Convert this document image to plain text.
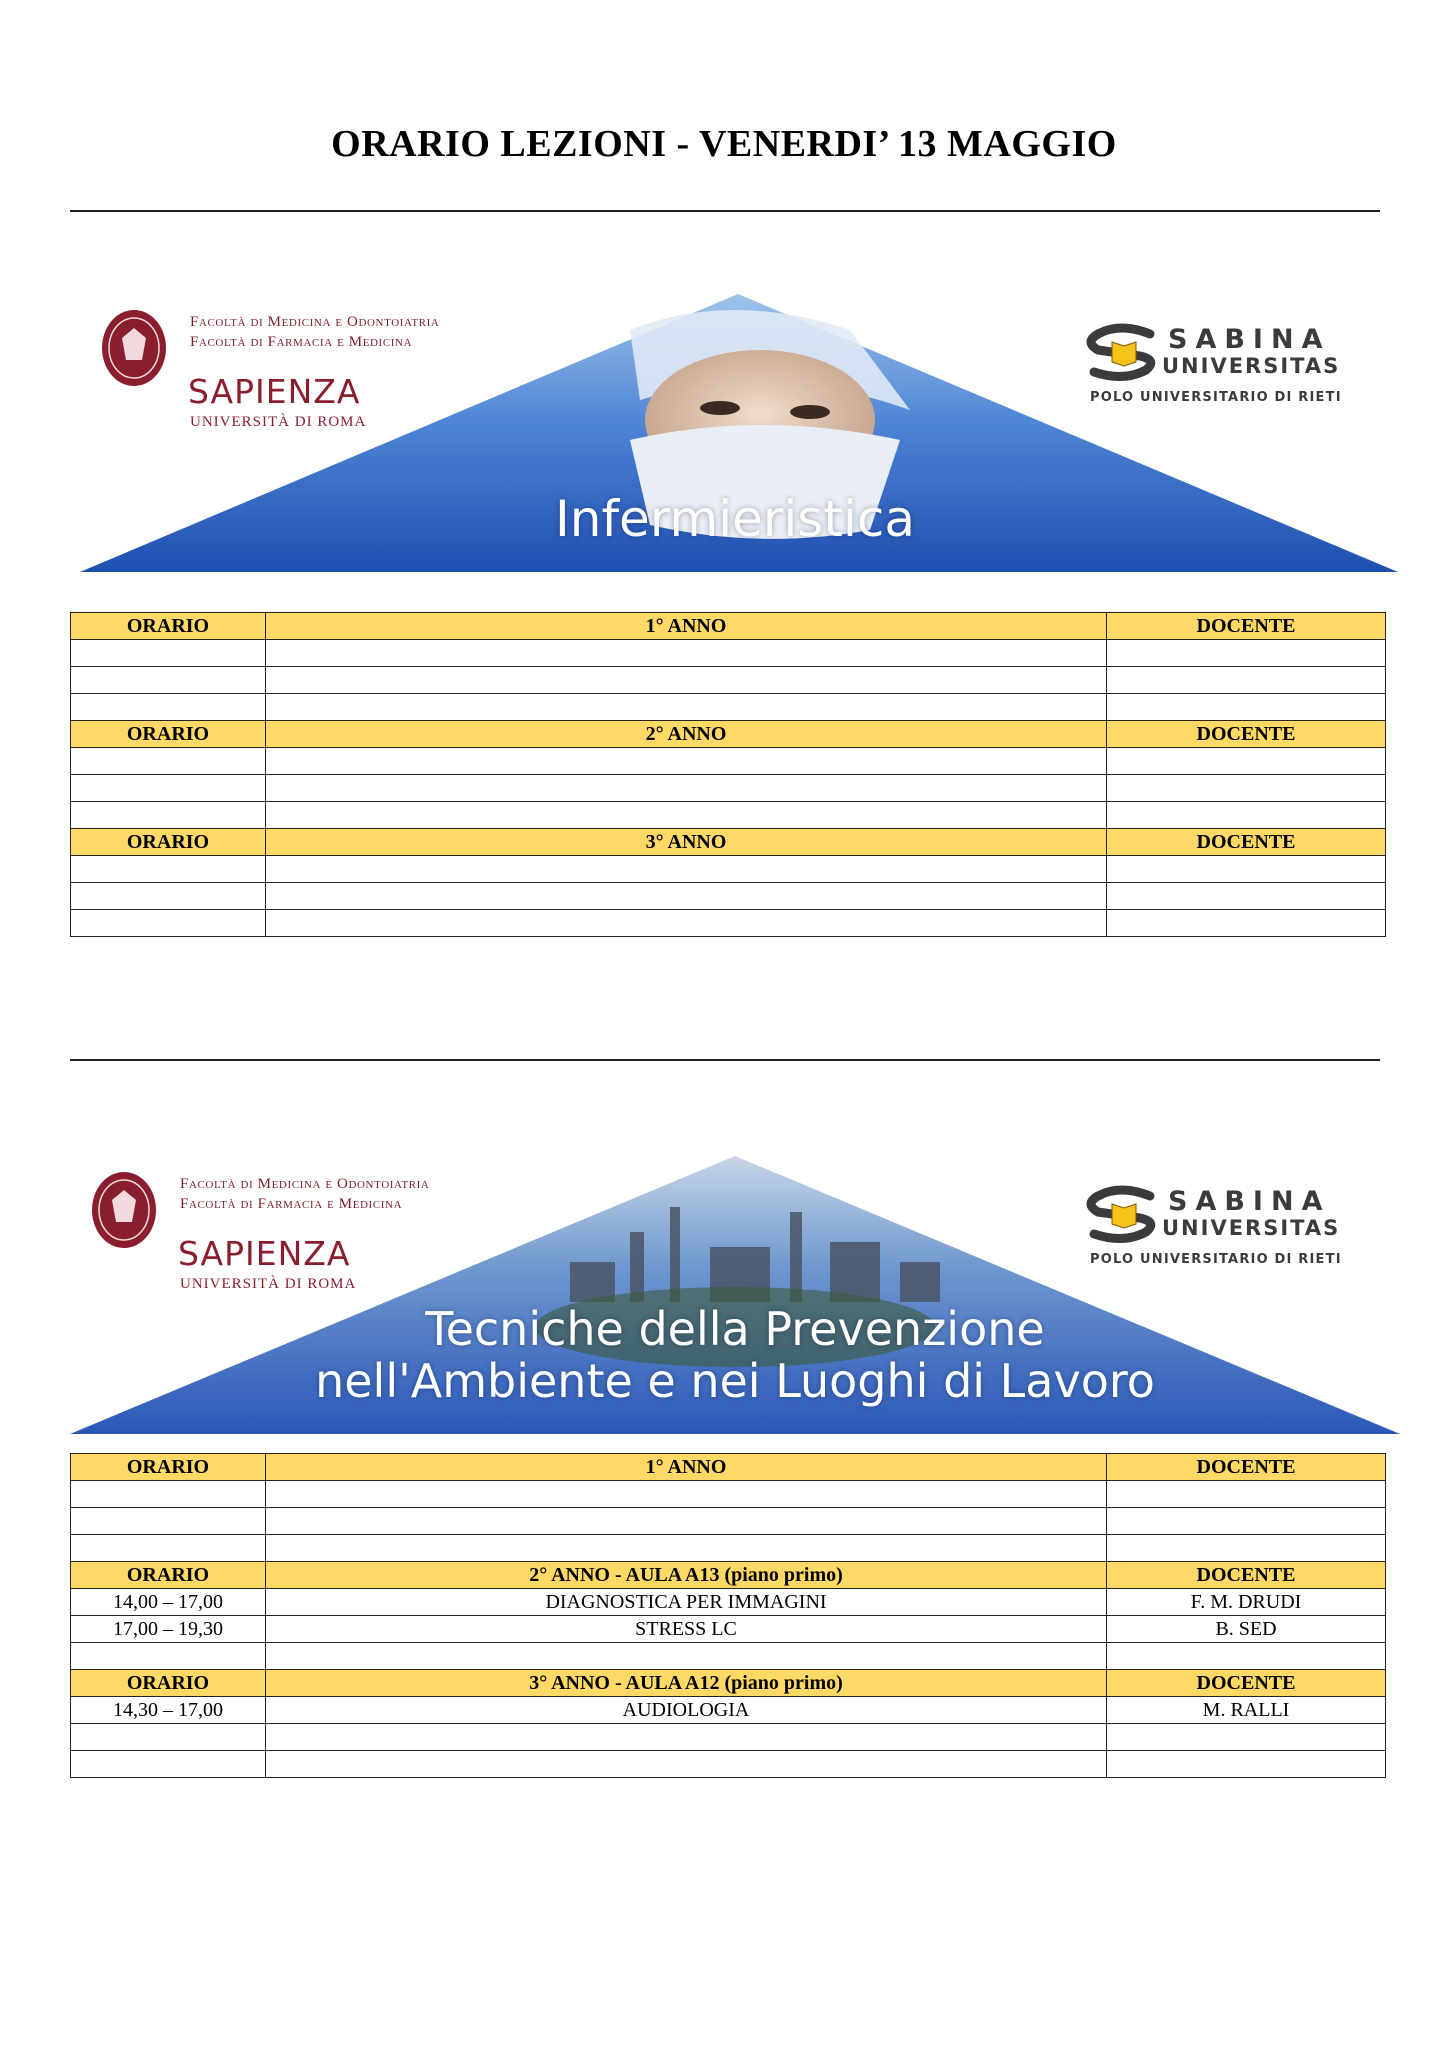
ORARIO LEZIONI - VENERDI’ 13 MAGGIO
Facoltà di Medicina e Odontoiatria
Facoltà di Farmacia e Medicina
SAPIENZA
UNIVERSITÀ DI ROMA
SABINA
UNIVERSITAS
POLO UNIVERSITARIO DI RIETI
Infermieristica
ORARIO	1° ANNO	DOCENTE

ORARIO	2° ANNO	DOCENTE

ORARIO	3° ANNO	DOCENTE

Facoltà di Medicina e Odontoiatria
Facoltà di Farmacia e Medicina
SAPIENZA
UNIVERSITÀ DI ROMA
SABINA
UNIVERSITAS
POLO UNIVERSITARIO DI RIETI
Tecniche della Prevenzione
nell'Ambiente e nei Luoghi di Lavoro
ORARIO	1° ANNO	DOCENTE

ORARIO	2° ANNO - AULA A13 (piano primo)	DOCENTE
14,00 – 17,00	DIAGNOSTICA PER IMMAGINI	F. M. DRUDI
17,00 – 19,30	STRESS LC	B. SED

ORARIO	3° ANNO - AULA A12 (piano primo)	DOCENTE
14,30 – 17,00	AUDIOLOGIA	M. RALLI
